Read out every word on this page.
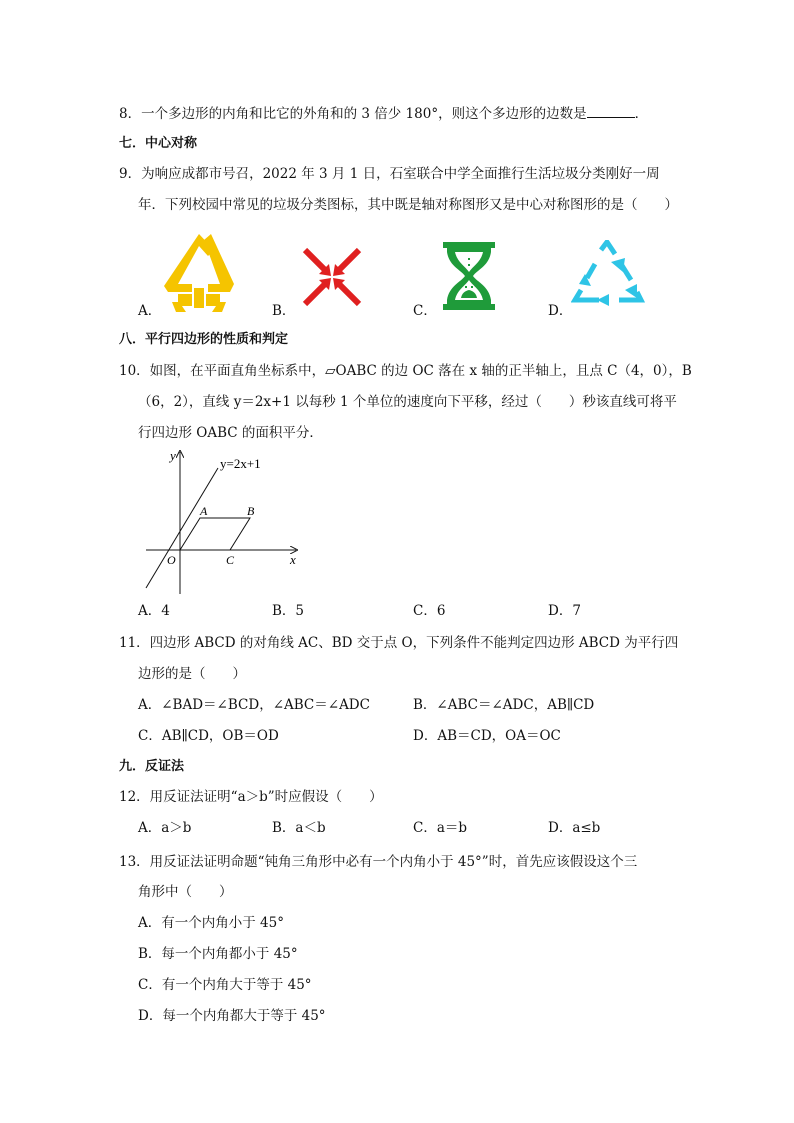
8．一个多边形的内角和比它的外角和的 3 倍少 180°，则这个多边形的边数是	．
七．中心对称
9．为响应成都市号召，2022 年 3 月 1 日，石室联合中学全面推行生活垃圾分类刚好一周
年．下列校园中常见的垃圾分类图标，其中既是轴对称图形又是中心对称图形的是（　　）
A．	B．	C．	D．
八．平行四边形的性质和判定
10．如图，在平面直角坐标系中，▱OABC 的边 OC 落在 x 轴的正半轴上，且点 C（4，0），B
（6，2），直线 y＝2x+1 以每秒 1 个单位的速度向下平移，经过（　　）秒该直线可将平
行四边形 OABC 的面积平分．
y=2x+1
y
x
O
A	B
C
A．4	B．5	C．6	D．7
11．四边形 ABCD 的对角线 AC、BD 交于点 O，下列条件不能判定四边形 ABCD 为平行四
边形的是（　　）
A．∠BAD＝∠BCD，∠ABC＝∠ADC	B．∠ABC＝∠ADC，AB∥CD
C．AB∥CD，OB＝OD	D．AB＝CD，OA＝OC
九．反证法
12．用反证法证明“a＞b”时应假设（　　）
A．a＞b	B．a＜b	C．a＝b	D．a≤b
13．用反证法证明命题“钝角三角形中必有一个内角小于 45°”时，首先应该假设这个三
角形中（　　）
A．有一个内角小于 45°
B．每一个内角都小于 45°
C．有一个内角大于等于 45°
D．每一个内角都大于等于 45°
